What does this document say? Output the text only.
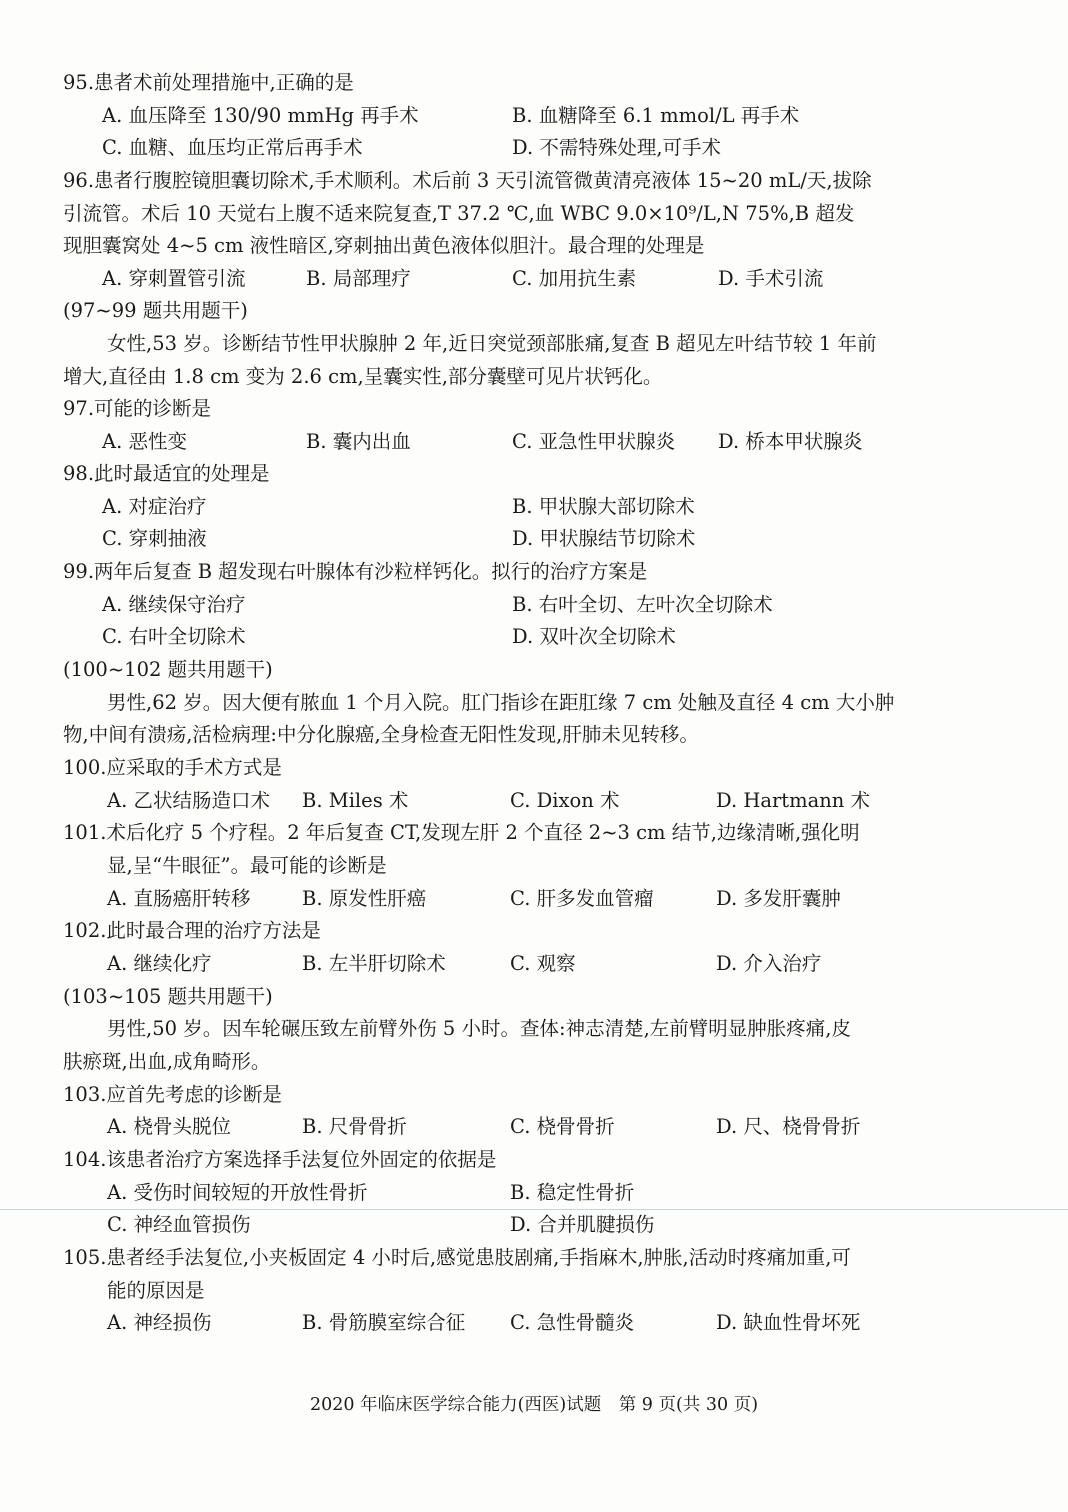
95.患者术前处理措施中,正确的是
A. 血压降至 130/90 mmHg 再手术	B. 血糖降至 6.1 mmol/L 再手术
C. 血糖、血压均正常后再手术	D. 不需特殊处理,可手术
96.患者行腹腔镜胆囊切除术,手术顺利。术后前 3 天引流管微黄清亮液体 15~20 mL/天,拔除
引流管。术后 10 天觉右上腹不适来院复查,T 37.2 ℃,血 WBC 9.0×10⁹/L,N 75%,B 超发
现胆囊窝处 4~5 cm 液性暗区,穿刺抽出黄色液体似胆汁。最合理的处理是
A. 穿刺置管引流	B. 局部理疗	C. 加用抗生素	D. 手术引流
(97~99 题共用题干)
女性,53 岁。诊断结节性甲状腺肿 2 年,近日突觉颈部胀痛,复查 B 超见左叶结节较 1 年前
增大,直径由 1.8 cm 变为 2.6 cm,呈囊实性,部分囊壁可见片状钙化。
97.可能的诊断是
A. 恶性变	B. 囊内出血	C. 亚急性甲状腺炎 D. 桥本甲状腺炎
98.此时最适宜的处理是
A. 对症治疗	B. 甲状腺大部切除术
C. 穿刺抽液	D. 甲状腺结节切除术
99.两年后复查 B 超发现右叶腺体有沙粒样钙化。拟行的治疗方案是
A. 继续保守治疗	B. 右叶全切、左叶次全切除术
C. 右叶全切除术	D. 双叶次全切除术
(100~102 题共用题干)
男性,62 岁。因大便有脓血 1 个月入院。肛门指诊在距肛缘 7 cm 处触及直径 4 cm 大小肿
物,中间有溃疡,活检病理:中分化腺癌,全身检查无阳性发现,肝肺未见转移。
100.应采取的手术方式是
A. 乙状结肠造口术 B. Miles 术	C. Dixon 术	D. Hartmann 术
101.术后化疗 5 个疗程。2 年后复查 CT,发现左肝 2 个直径 2~3 cm 结节,边缘清晰,强化明
显,呈“牛眼征”。最可能的诊断是
A. 直肠癌肝转移	B. 原发性肝癌	C. 肝多发血管瘤	D. 多发肝囊肿
102.此时最合理的治疗方法是
A. 继续化疗	B. 左半肝切除术	C. 观察	D. 介入治疗
(103~105 题共用题干)
男性,50 岁。因车轮碾压致左前臂外伤 5 小时。查体:神志清楚,左前臂明显肿胀疼痛,皮
肤瘀斑,出血,成角畸形。
103.应首先考虑的诊断是
A. 桡骨头脱位	B. 尺骨骨折	C. 桡骨骨折	D. 尺、桡骨骨折
104.该患者治疗方案选择手法复位外固定的依据是
A. 受伤时间较短的开放性骨折	B. 稳定性骨折
C. 神经血管损伤	D. 合并肌腱损伤
105.患者经手法复位,小夹板固定 4 小时后,感觉患肢剧痛,手指麻木,肿胀,活动时疼痛加重,可
能的原因是
A. 神经损伤	B. 骨筋膜室综合征 C. 急性骨髓炎	D. 缺血性骨坏死
2020 年临床医学综合能力(西医)试题　第 9 页(共 30 页)
